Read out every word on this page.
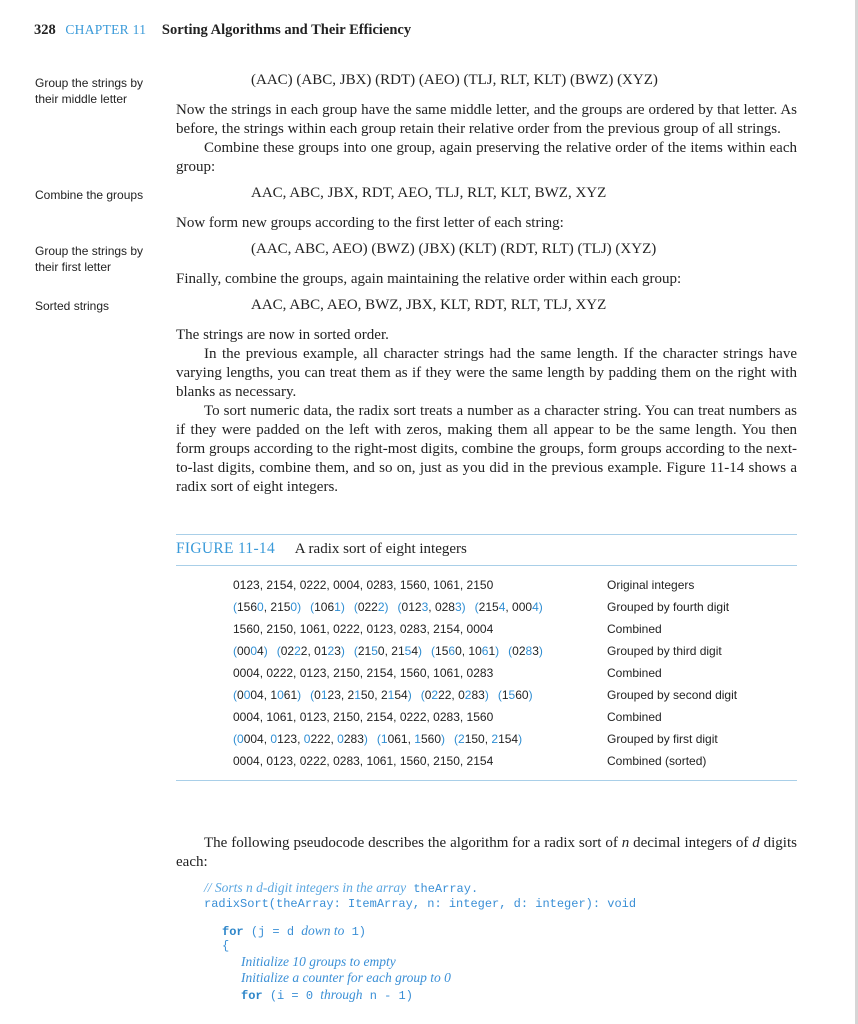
328 CHAPTER 11 Sorting Algorithms and Their Efficiency
Group the strings by their middle letter
(AAC) (ABC, JBX) (RDT) (AEO) (TLJ, RLT, KLT) (BWZ) (XYZ)
Now the strings in each group have the same middle letter, and the groups are ordered by that letter. As before, the strings within each group retain their relative order from the previous group of all strings.
Combine these groups into one group, again preserving the relative order of the items within each group:
Combine the groups	AAC, ABC, JBX, RDT, AEO, TLJ, RLT, KLT, BWZ, XYZ
Now form new groups according to the first letter of each string:
Group the strings by their first letter
(AAC, ABC, AEO) (BWZ) (JBX) (KLT) (RDT, RLT) (TLJ) (XYZ)
Finally, combine the groups, again maintaining the relative order within each group:
Sorted strings	AAC, ABC, AEO, BWZ, JBX, KLT, RDT, RLT, TLJ, XYZ
The strings are now in sorted order.
In the previous example, all character strings had the same length. If the character strings have varying lengths, you can treat them as if they were the same length by padding them on the right with blanks as necessary.
To sort numeric data, the radix sort treats a number as a character string. You can treat numbers as if they were padded on the left with zeros, making them all appear to be the same length. You then form groups according to the right-most digits, combine the groups, form groups according to the next-to-last digits, combine them, and so on, just as you did in the previous example. Figure 11-14 shows a radix sort of eight integers.
FIGURE 11-14 A radix sort of eight integers
0123, 2154, 0222, 0004, 0283, 1560, 1061, 2150	Original integers
(1560, 2150) (1061) (0222) (0123, 0283) (2154, 0004)	Grouped by fourth digit
1560, 2150, 1061, 0222, 0123, 0283, 2154, 0004	Combined
(0004) (0222, 0123) (2150, 2154) (1560, 1061) (0283)	Grouped by third digit
0004, 0222, 0123, 2150, 2154, 1560, 1061, 0283	Combined
(0004, 1061) (0123, 2150, 2154) (0222, 0283) (1560)	Grouped by second digit
0004, 1061, 0123, 2150, 2154, 0222, 0283, 1560	Combined
(0004, 0123, 0222, 0283) (1061, 1560) (2150, 2154)	Grouped by first digit
0004, 0123, 0222, 0283, 1061, 1560, 2150, 2154	Combined (sorted)
The following pseudocode describes the algorithm for a radix sort of n decimal integers of d digits each:
// Sorts n d-digit integers in the array theArray.
radixSort(theArray: ItemArray, n: integer, d: integer): void
for (j = d down to 1)
{
Initialize 10 groups to empty
Initialize a counter for each group to 0
for (i = 0 through n - 1)
